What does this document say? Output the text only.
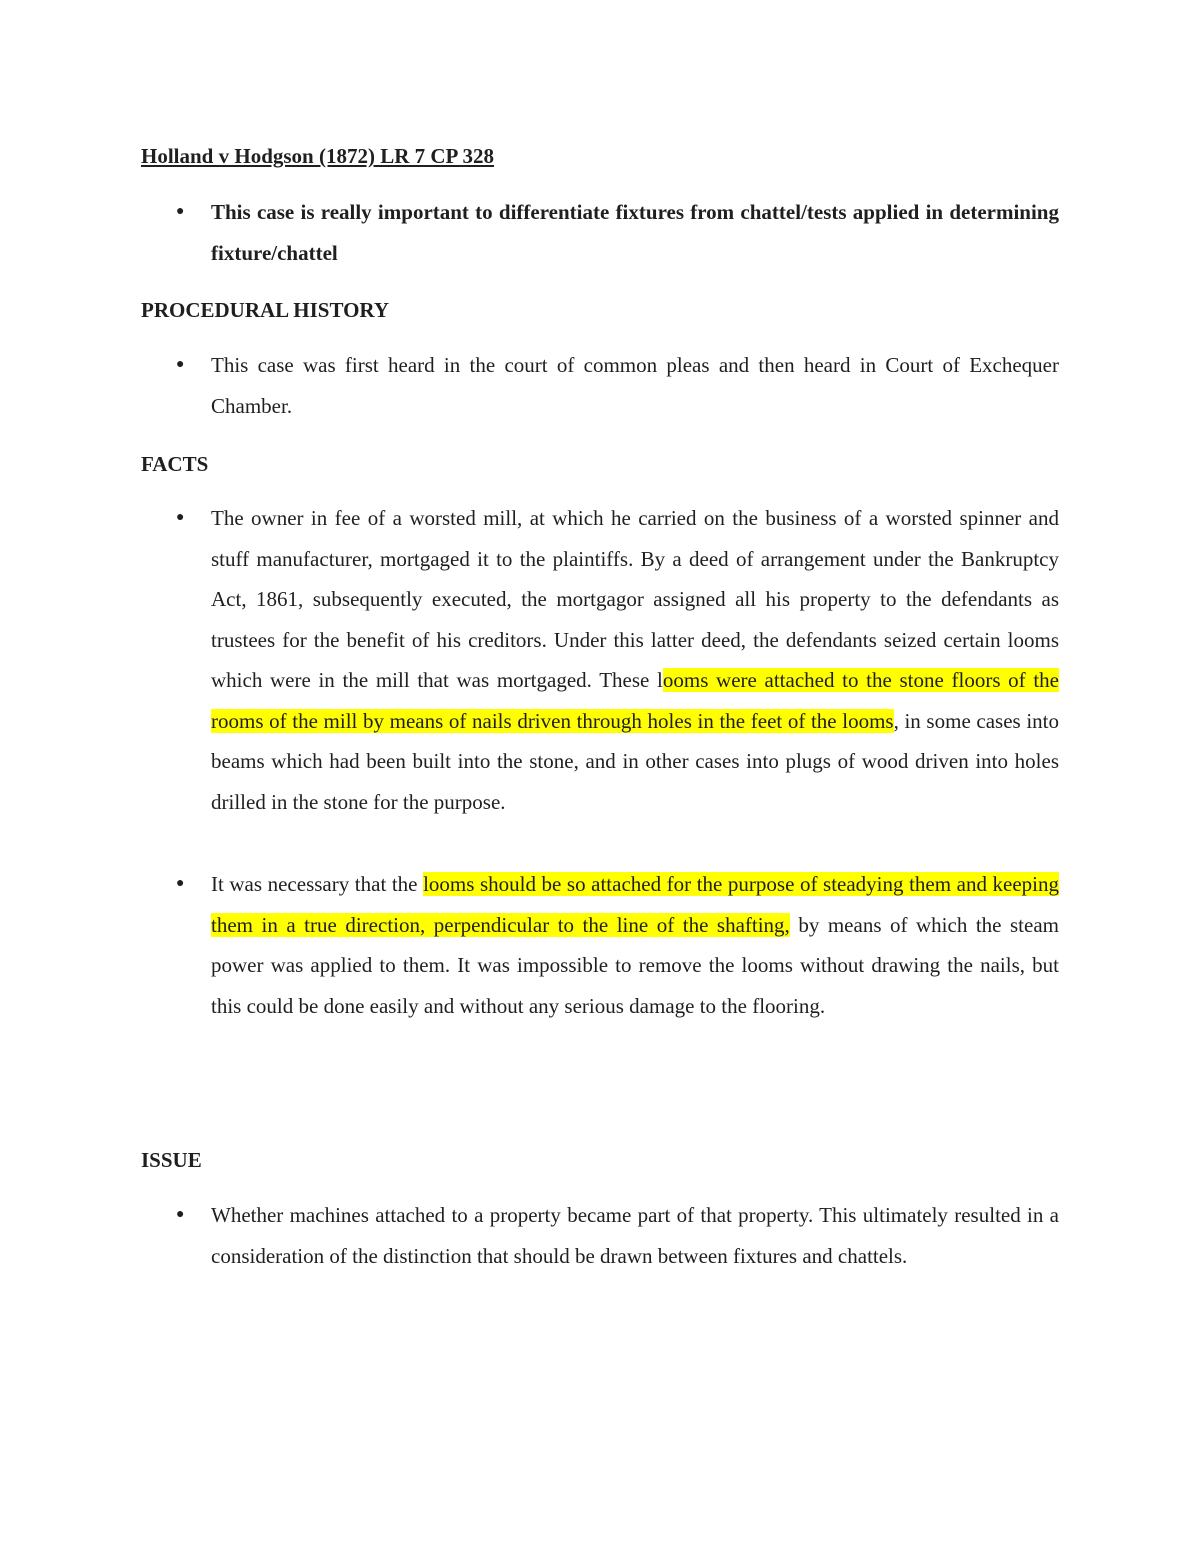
Holland v Hodgson (1872) LR 7 CP 328

● This case is really important to differentiate fixtures from chattel/tests applied in determining fixture/chattel

PROCEDURAL HISTORY

● This case was first heard in the court of common pleas and then heard in Court of Exchequer Chamber.

FACTS

● The owner in fee of a worsted mill, at which he carried on the business of a worsted spinner and stuff manufacturer, mortgaged it to the plaintiffs. By a deed of arrangement under the Bankruptcy Act, 1861, subsequently executed, the mortgagor assigned all his property to the defendants as trustees for the benefit of his creditors. Under this latter deed, the defendants seized certain looms which were in the mill that was mortgaged. These looms were attached to the stone floors of the rooms of the mill by means of nails driven through holes in the feet of the looms, in some cases into beams which had been built into the stone, and in other cases into plugs of wood driven into holes drilled in the stone for the purpose.

● It was necessary that the looms should be so attached for the purpose of steadying them and keeping them in a true direction, perpendicular to the line of the shafting, by means of which the steam power was applied to them. It was impossible to remove the looms without drawing the nails, but this could be done easily and without any serious damage to the flooring.

ISSUE

● Whether machines attached to a property became part of that property. This ultimately resulted in a consideration of the distinction that should be drawn between fixtures and chattels.
